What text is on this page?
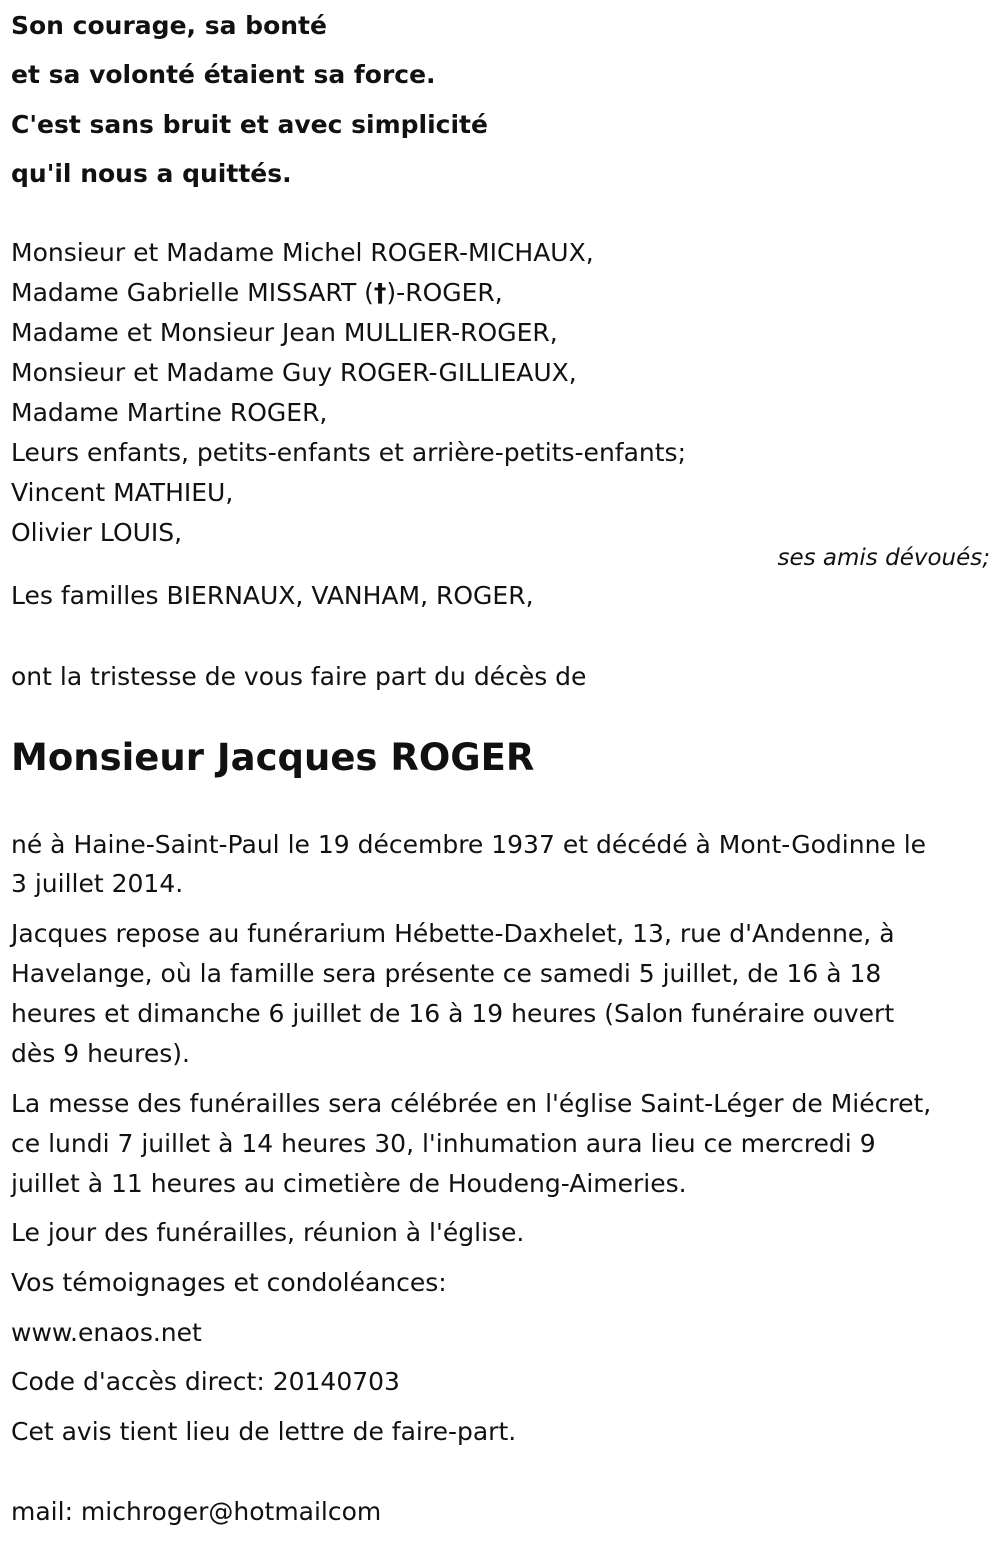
Son courage, sa bonté
et sa volonté étaient sa force.
C'est sans bruit et avec simplicité
qu'il nous a quittés.
Monsieur et Madame Michel ROGER-MICHAUX,
Madame Gabrielle MISSART (†)-ROGER,
Madame et Monsieur Jean MULLIER-ROGER,
Monsieur et Madame Guy ROGER-GILLIEAUX,
Madame Martine ROGER,
Leurs enfants, petits-enfants et arrière-petits-enfants;
Vincent MATHIEU,
Olivier LOUIS,
ses amis dévoués;
Les familles BIERNAUX, VANHAM, ROGER,
ont la tristesse de vous faire part du décès de
Monsieur Jacques ROGER
né à Haine-Saint-Paul le 19 décembre 1937 et décédé à Mont-Godinne le
3 juillet 2014.
Jacques repose au funérarium Hébette-Daxhelet, 13, rue d'Andenne, à
Havelange, où la famille sera présente ce samedi 5 juillet, de 16 à 18
heures et dimanche 6 juillet de 16 à 19 heures (Salon funéraire ouvert
dès 9 heures).
La messe des funérailles sera célébrée en l'église Saint-Léger de Miécret,
ce lundi 7 juillet à 14 heures 30, l'inhumation aura lieu ce mercredi 9
juillet à 11 heures au cimetière de Houdeng-Aimeries.
Le jour des funérailles, réunion à l'église.
Vos témoignages et condoléances:
www.enaos.net
Code d'accès direct: 20140703
Cet avis tient lieu de lettre de faire-part.
mail: michroger@hotmailcom
